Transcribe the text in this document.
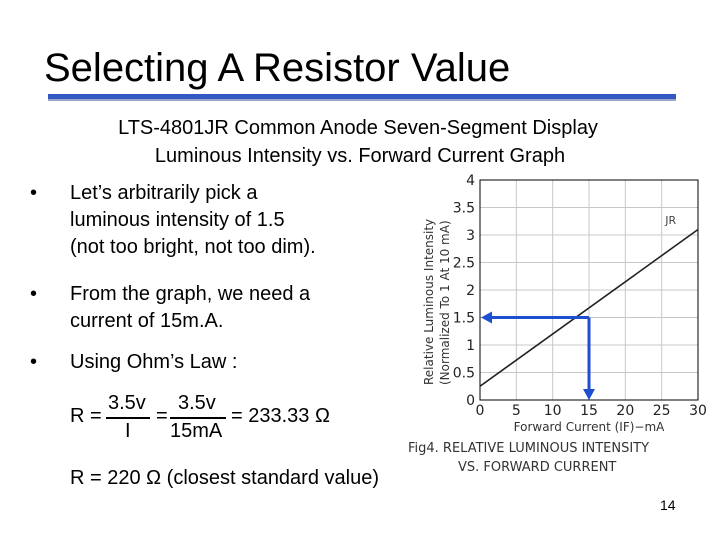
Selecting A Resistor Value
LTS-4801JR Common Anode Seven-Segment Display
Luminous Intensity vs. Forward Current Graph
• Let’s arbitrarily pick a
luminous intensity of 1.5
(not too bright, not too dim).
• From the graph, we need a
current of 15m.A.
• Using Ohm’s Law :
R =
3.5v
I
=
3.5v
15mA
= 233.33 Ω
R = 220 Ω (closest standard value)
0
0.5
1
1.5
2
2.5
3
3.5
4
0 5 10 15 20 25 30
JR
Relative Luminous Intensity (Normalized To 1 At 10 mA)
Forward Current (IF)−mA
Fig4. RELATIVE LUMINOUS INTENSITY
VS. FORWARD CURRENT
14
